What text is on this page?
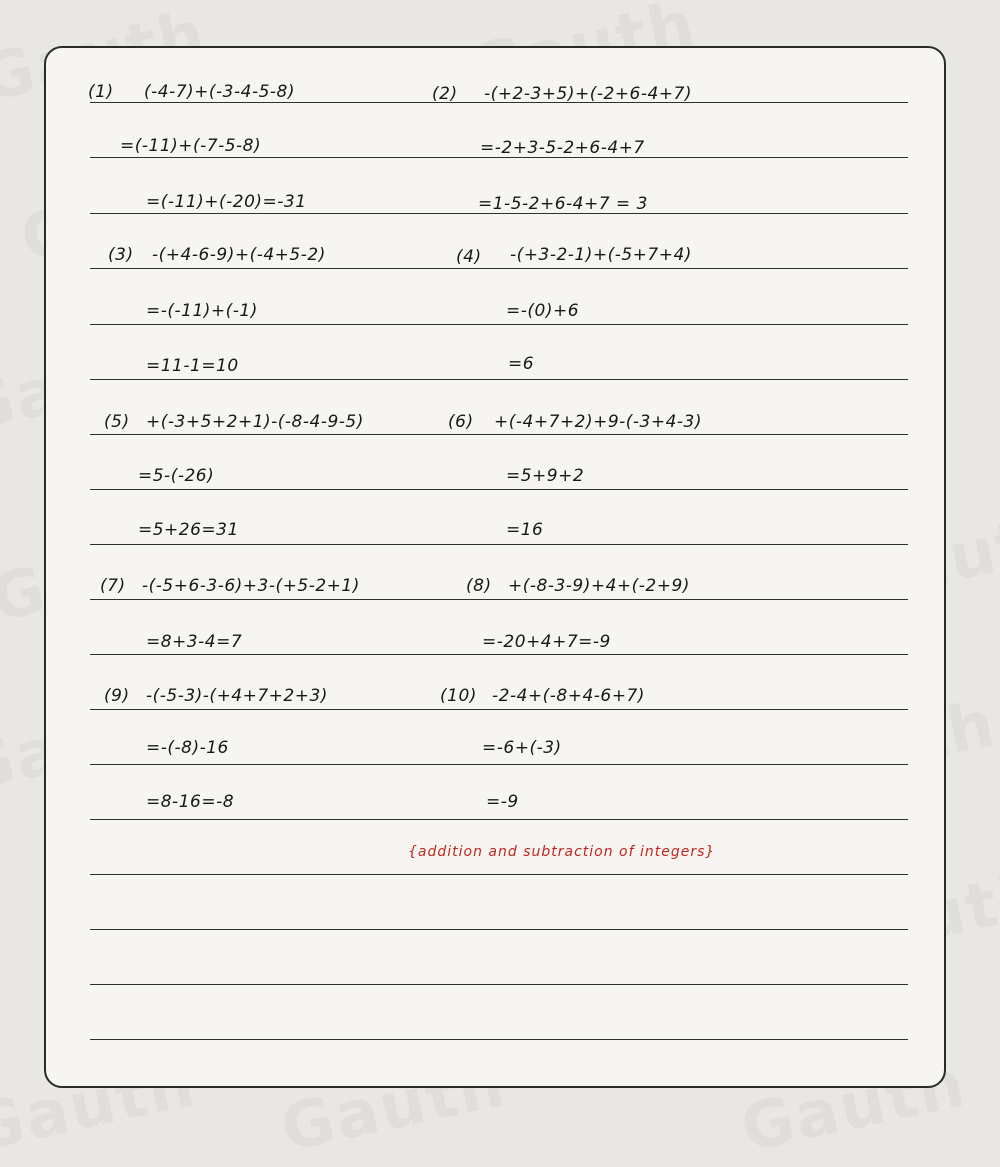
(1) (-4-7)+(-3-4-5-8)
=(-11)+(-7-5-8)
=(-11)+(-20)=-31
(2) -(+2-3+5)+(-2+6-4+7)
=-2+3-5-2+6-4+7
=1-5-2+6-4+7 = 3
(3) -(+4-6-9)+(-4+5-2)
=-(-11)+(-1)
=11-1=10
(4) -(+3-2-1)+(-5+7+4)
=-(0)+6
=6
(5) +(-3+5+2+1)-(-8-4-9-5)
=5-(-26)
=5+26=31
(6) +(-4+7+2)+9-(-3+4-3)
=5+9+2
=16
(7) -(-5+6-3-6)+3-(+5-2+1)
=8+3-4=7
(8) +(-8-3-9)+4+(-2+9)
=-20+4+7=-9
(9) -(-5-3)-(+4+7+2+3)
=-(-8)-16
=8-16=-8
(10) -2-4+(-8+4-6+7)
=-6+(-3)
=-9
{addition and subtraction of integers}
